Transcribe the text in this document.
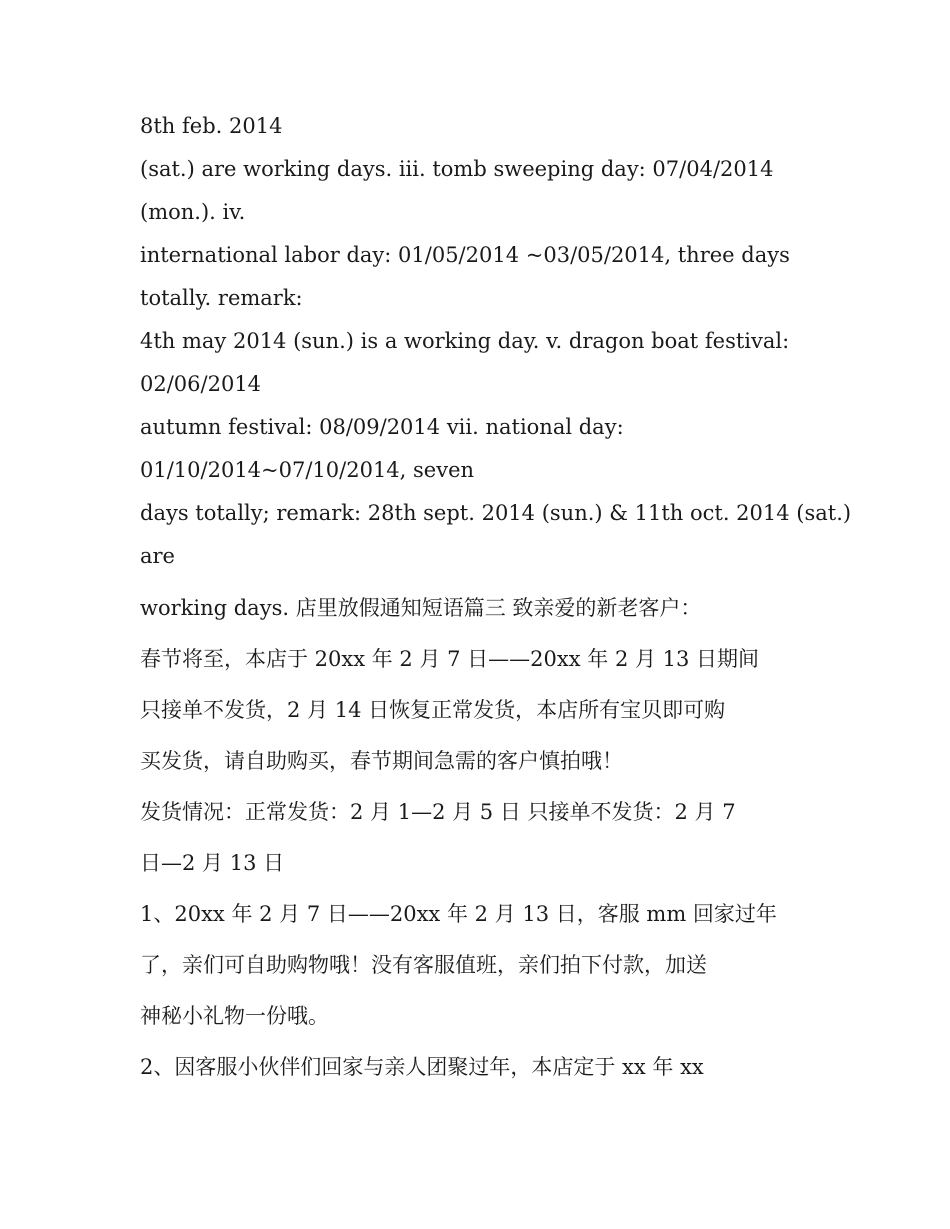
8th feb. 2014
(sat.) are working days. iii. tomb sweeping day: 07/04/2014
(mon.). iv.
international labor day: 01/05/2014 ~03/05/2014, three days
totally. remark:
4th may 2014 (sun.) is a working day. v. dragon boat festival:
02/06/2014
autumn festival: 08/09/2014 vii. national day:
01/10/2014~07/10/2014, seven
days totally; remark: 28th sept. 2014 (sun.) & 11th oct. 2014 (sat.)
are
working days. 店里放假通知短语篇三 致亲爱的新老客户：
春节将至，本店于 20xx 年 2 月 7 日——20xx 年 2 月 13 日期间
只接单不发货，2 月 14 日恢复正常发货，本店所有宝贝即可购
买发货，请自助购买，春节期间急需的客户慎拍哦！
发货情况：正常发货：2 月 1—2 月 5 日 只接单不发货：2 月 7
日—2 月 13 日
1、20xx 年 2 月 7 日——20xx 年 2 月 13 日，客服 mm 回家过年
了，亲们可自助购物哦！没有客服值班，亲们拍下付款，加送
神秘小礼物一份哦。
2、因客服小伙伴们回家与亲人团聚过年，本店定于 xx 年 xx
